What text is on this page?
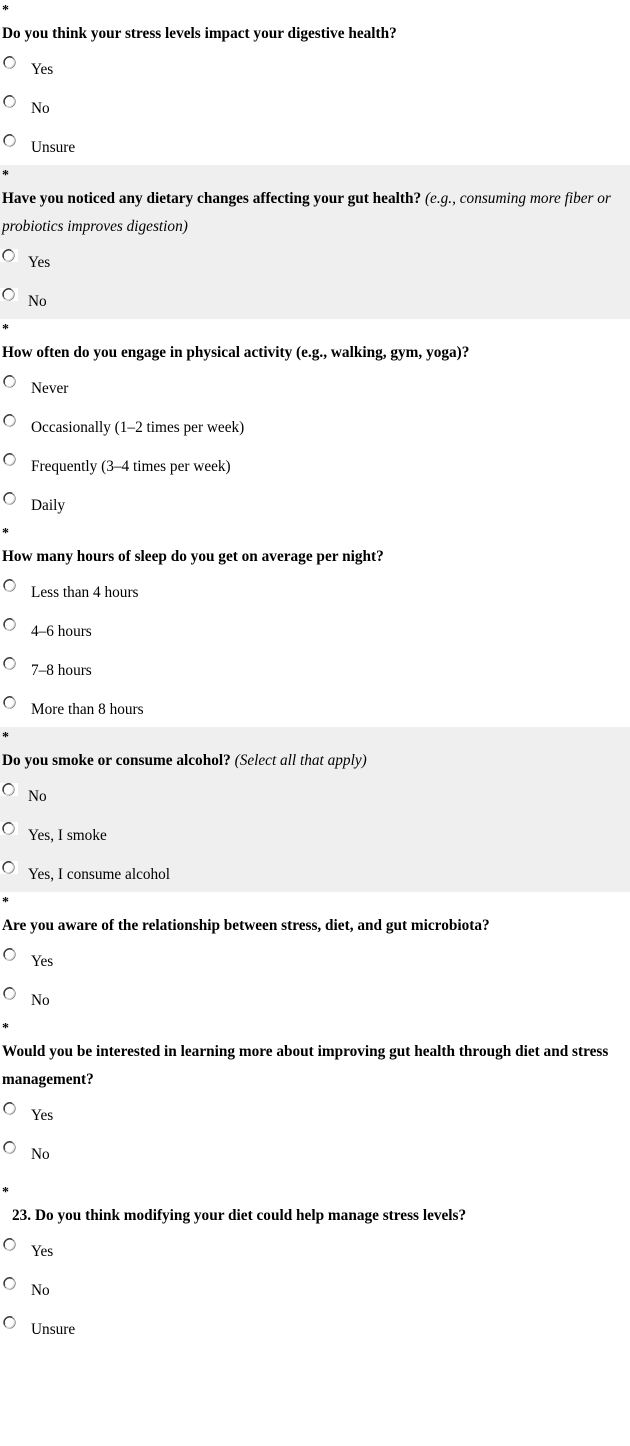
*
Do you think your stress levels impact your digestive health?
Yes
No
Unsure
*
Have you noticed any dietary changes affecting your gut health? (e.g., consuming more fiber or probiotics improves digestion)
Yes
No
*
How often do you engage in physical activity (e.g., walking, gym, yoga)?
Never
Occasionally (1–2 times per week)
Frequently (3–4 times per week)
Daily
*
How many hours of sleep do you get on average per night?
Less than 4 hours
4–6 hours
7–8 hours
More than 8 hours
*
Do you smoke or consume alcohol? (Select all that apply)
No
Yes, I smoke
Yes, I consume alcohol
*
Are you aware of the relationship between stress, diet, and gut microbiota?
Yes
No
*
Would you be interested in learning more about improving gut health through diet and stress management?
Yes
No
*
23. Do you think modifying your diet could help manage stress levels?
Yes
No
Unsure
